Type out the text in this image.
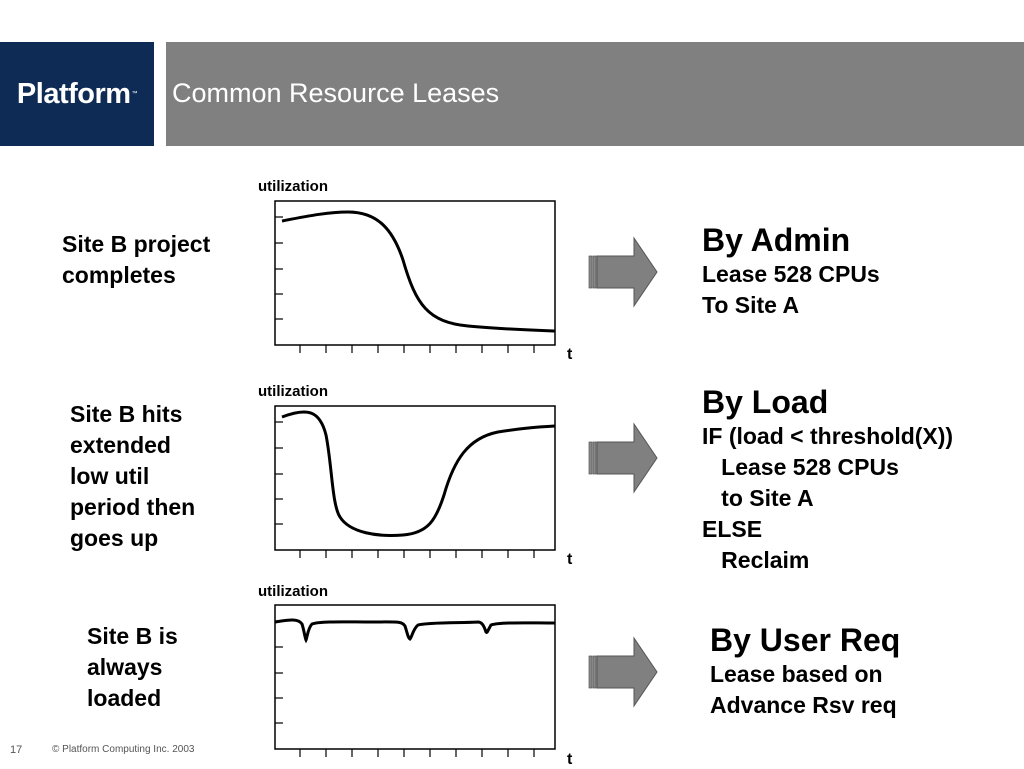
Platform ™ Common Resource Leases
Site B project
completes
utilization
t
By Admin
Lease 528 CPUs
To Site A
Site B hits
extended
low util
period then
goes up
utilization
t
By Load
IF (load < threshold(X))
Lease 528 CPUs
to Site A
ELSE
Reclaim
Site B is
always
loaded
utilization
t
By User Req
Lease based on
Advance Rsv req
17	© Platform Computing Inc. 2003
